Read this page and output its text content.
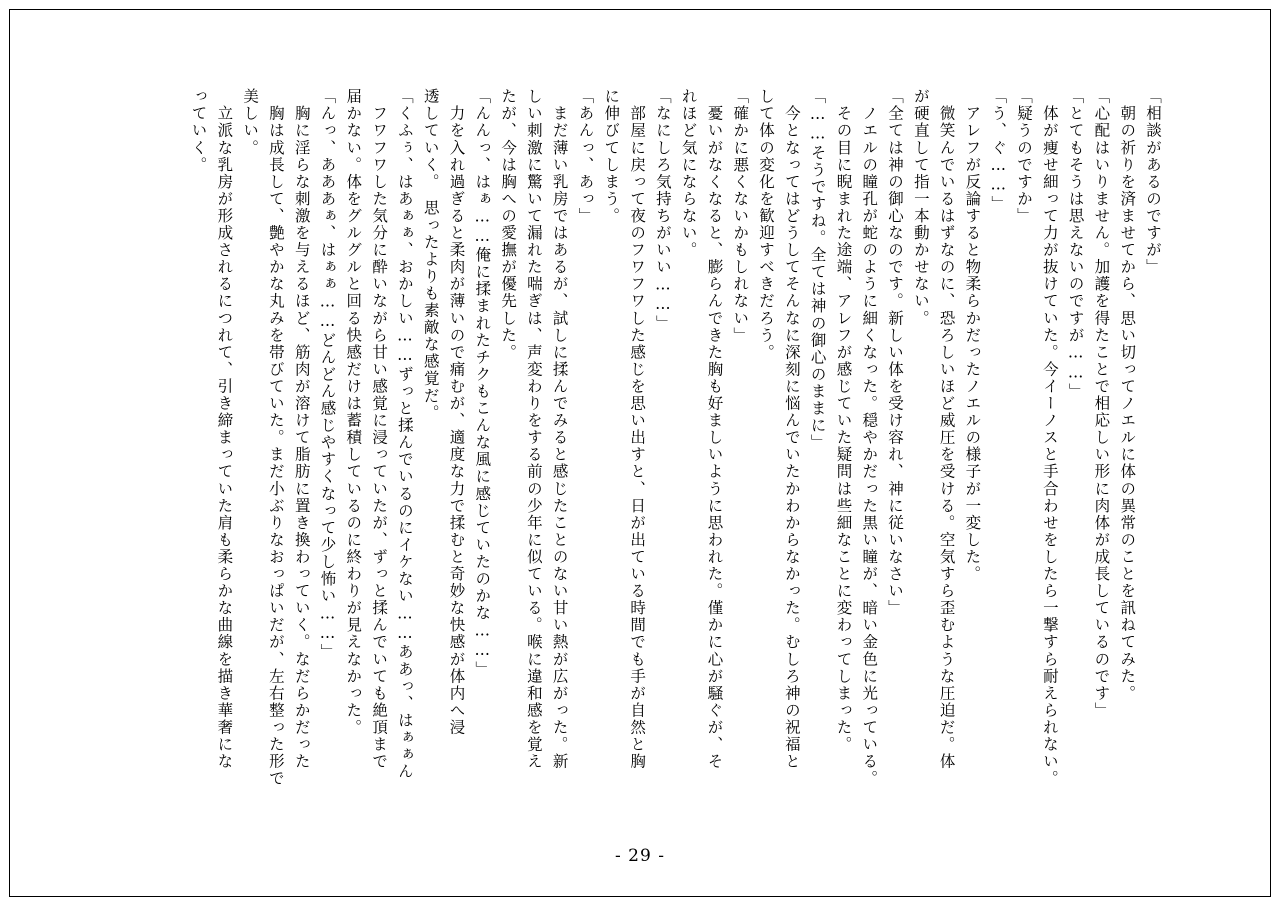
「相談があるのですが」
　朝の祈りを済ませてから、思い切ってノエルに体の異常のことを訊ねてみた。
「心配はいりません。加護を得たことで相応しい形に肉体が成長しているのです」
「とてもそうは思えないのですが……」
　体が痩せ細って力が抜けていた。今イーノスと手合わせをしたら一撃すら耐えられない。
「疑うのですか」
「う、ぐ……」
　アレフが反論すると物柔らかだったノエルの様子が一変した。
　微笑んでいるはずなのに、恐ろしいほど威圧を受ける。空気すら歪むような圧迫だ。体
が硬直して指一本動かせない。
「全ては神の御心なのです。新しい体を受け容れ、神に従いなさい」
　ノエルの瞳孔が蛇のように細くなった。穏やかだった黒い瞳が、暗い金色に光っている。
　その目に睨まれた途端、アレフが感じていた疑問は些細なことに変わってしまった。
「……そうですね。全ては神の御心のままに」
　今となってはどうしてそんなに深刻に悩んでいたかわからなかった。むしろ神の祝福と
して体の変化を歓迎すべきだろう。
「確かに悪くないかもしれない」
　憂いがなくなると、膨らんできた胸も好ましいように思われた。僅かに心が騒ぐが、そ
れほど気にならない。
「なにしろ気持ちがいい……」
　部屋に戻って夜のフワフワした感じを思い出すと、日が出ている時間でも手が自然と胸
に伸びてしまう。
「あんっ、あっ」
　まだ薄い乳房ではあるが、試しに揉んでみると感じたことのない甘い熱が広がった。新
しい刺激に驚いて漏れた喘ぎは、声変わりをする前の少年に似ている。喉に違和感を覚え
たが、今は胸への愛撫が優先した。
「んんっ、はぁ……俺に揉まれたチクもこんな風に感じていたのかな……」
　力を入れ過ぎると柔肉が薄いので痛むが、適度な力で揉むと奇妙な快感が体内へ浸
透していく。　思ったよりも素敵な感覚だ。
「くふぅ、はあぁぁ、おかしい……ずっと揉んでいるのにイケない……ああっ、はぁぁん
　フワフワした気分に酔いながら甘い感覚に浸っていたが、ずっと揉んでいても絶頂まで
届かない。体をグルグルと回る快感だけは蓄積しているのに終わりが見えなかった。
「んっ、あああぁ、はぁぁ……どんどん感じやすくなって少し怖い……」
　胸に淫らな刺激を与えるほど、筋肉が溶けて脂肪に置き換わっていく。なだらかだった
　胸は成長して、艶やかな丸みを帯びていた。まだ小ぶりなおっぱいだが、左右整った形で
美しい。
　立派な乳房が形成されるにつれて、引き締まっていた肩も柔らかな曲線を描き華奢にな
っていく。
- 29 -
